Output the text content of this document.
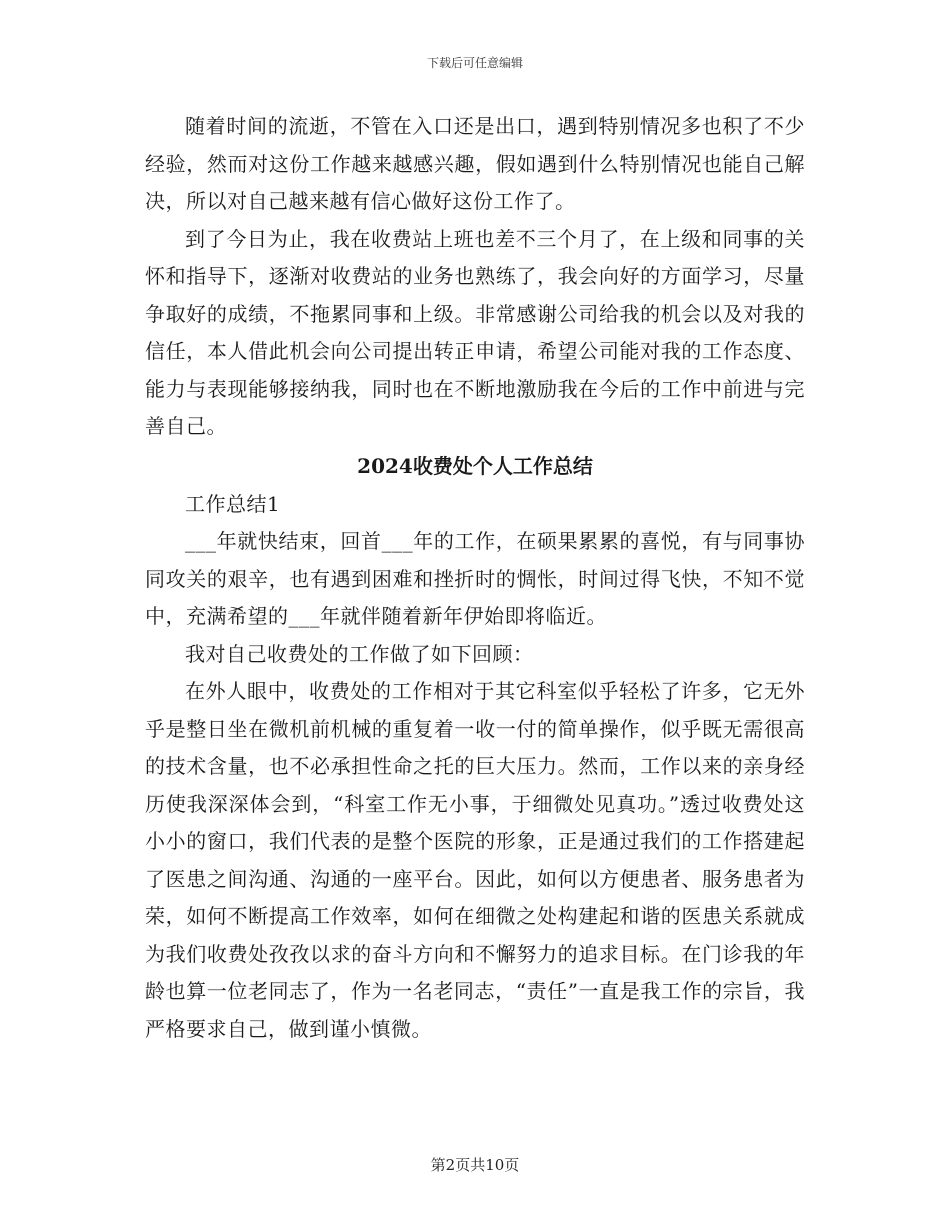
下载后可任意编辑

随着时间的流逝，不管在入口还是出口，遇到特别情况多也积了不少经验，然而对这份工作越来越感兴趣，假如遇到什么特别情况也能自己解决，所以对自己越来越有信心做好这份工作了。

到了今日为止，我在收费站上班也差不三个月了，在上级和同事的关怀和指导下，逐渐对收费站的业务也熟练了，我会向好的方面学习，尽量争取好的成绩，不拖累同事和上级。非常感谢公司给我的机会以及对我的信任，本人借此机会向公司提出转正申请，希望公司能对我的工作态度、能力与表现能够接纳我，同时也在不断地激励我在今后的工作中前进与完善自己。

2024收费处个人工作总结

工作总结1

___年就快结束，回首___年的工作，在硕果累累的喜悦，有与同事协同攻关的艰辛，也有遇到困难和挫折时的惆怅，时间过得飞快，不知不觉中，充满希望的___年就伴随着新年伊始即将临近。

我对自己收费处的工作做了如下回顾：

在外人眼中，收费处的工作相对于其它科室似乎轻松了许多，它无外乎是整日坐在微机前机械的重复着一收一付的简单操作，似乎既无需很高的技术含量，也不必承担性命之托的巨大压力。然而，工作以来的亲身经历使我深深体会到，“科室工作无小事，于细微处见真功。”透过收费处这小小的窗口，我们代表的是整个医院的形象，正是通过我们的工作搭建起了医患之间沟通、沟通的一座平台。因此，如何以方便患者、服务患者为荣，如何不断提高工作效率，如何在细微之处构建起和谐的医患关系就成为我们收费处孜孜以求的奋斗方向和不懈努力的追求目标。在门诊我的年龄也算一位老同志了，作为一名老同志，“责任”一直是我工作的宗旨，我严格要求自己，做到谨小慎微。

第2页共10页
